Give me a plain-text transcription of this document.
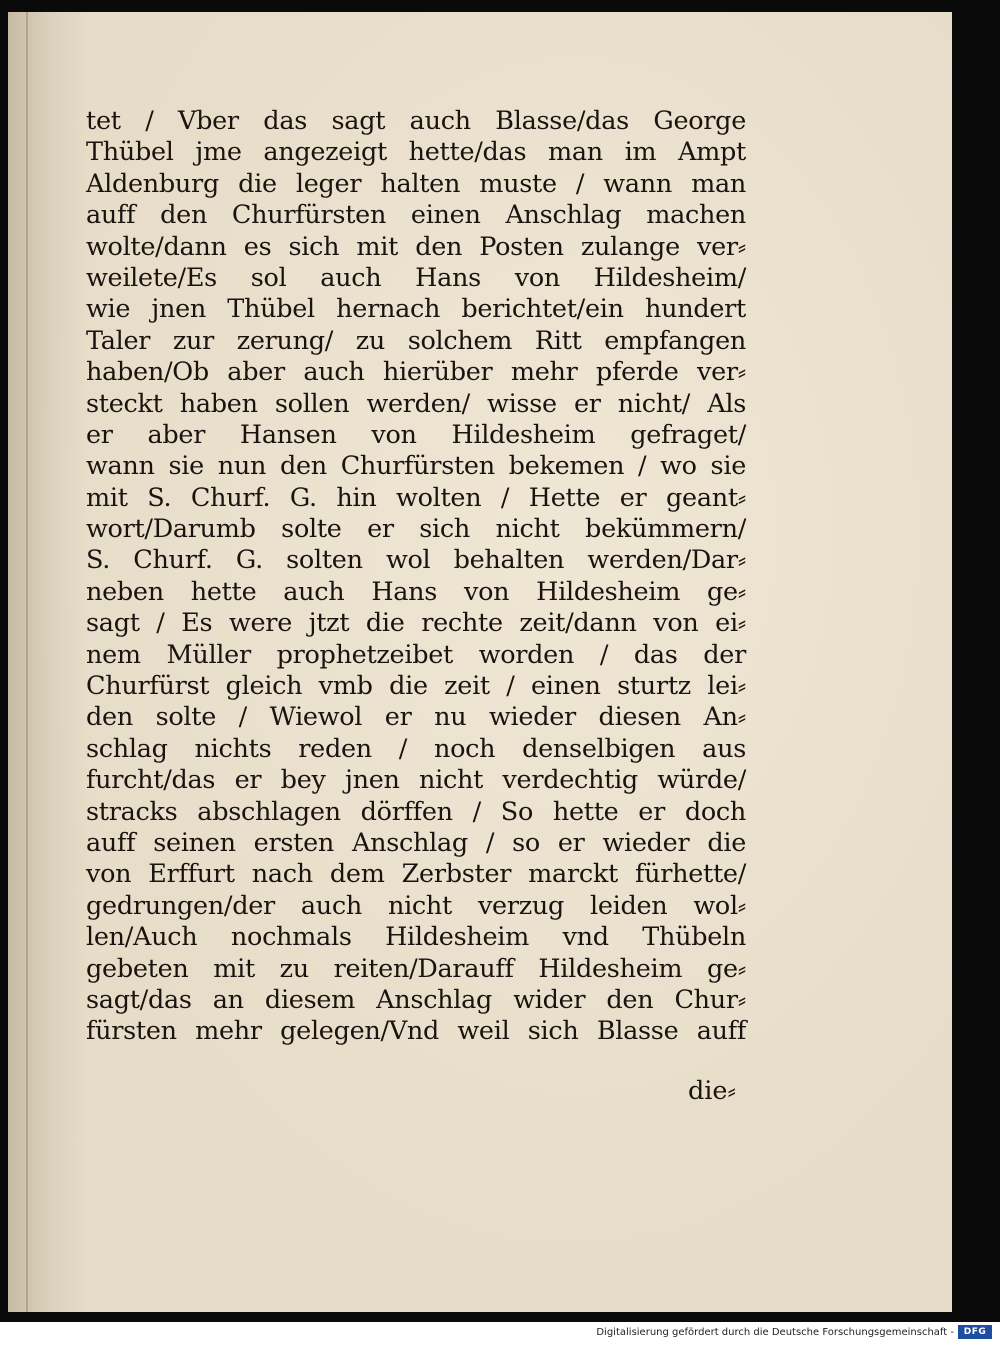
tet / Vber das sagt auch Blasse/das George
Thübel jme angezeigt hette/das man im Ampt
Aldenburg die leger halten muste / wann man
auff den Churfürsten einen Anschlag machen
wolte/dann es sich mit den Posten zulange ver⸗
weilete/Es sol auch Hans von Hildesheim/
wie jnen Thübel hernach berichtet/ein hundert
Taler zur zerung/ zu solchem Ritt empfangen
haben/Ob aber auch hierüber mehr pferde ver⸗
steckt haben sollen werden/ wisse er nicht/ Als
er aber Hansen von Hildesheim gefraget/
wann sie nun den Churfürsten bekemen / wo sie
mit S. Churf. G. hin wolten / Hette er geant⸗
wort/Darumb solte er sich nicht bekümmern/
S. Churf. G. solten wol behalten werden/Dar⸗
neben hette auch Hans von Hildesheim ge⸗
sagt / Es were jtzt die rechte zeit/dann von ei⸗
nem Müller prophetzeibet worden / das der
Churfürst gleich vmb die zeit / einen sturtz lei⸗
den solte / Wiewol er nu wieder diesen An⸗
schlag nichts reden / noch denselbigen aus
furcht/das er bey jnen nicht verdechtig würde/
stracks abschlagen dörffen / So hette er doch
auff seinen ersten Anschlag / so er wieder die
von Erffurt nach dem Zerbster marckt fürhette/
gedrungen/der auch nicht verzug leiden wol⸗
len/Auch nochmals Hildesheim vnd Thübeln
gebeten mit zu reiten/Darauff Hildesheim ge⸗
sagt/das an diesem Anschlag wider den Chur⸗
fürsten mehr gelegen/Vnd weil sich Blasse auff
die⸗
Digitalisierung gefördert durch die Deutsche Forschungsgemeinschaft -	DFG
